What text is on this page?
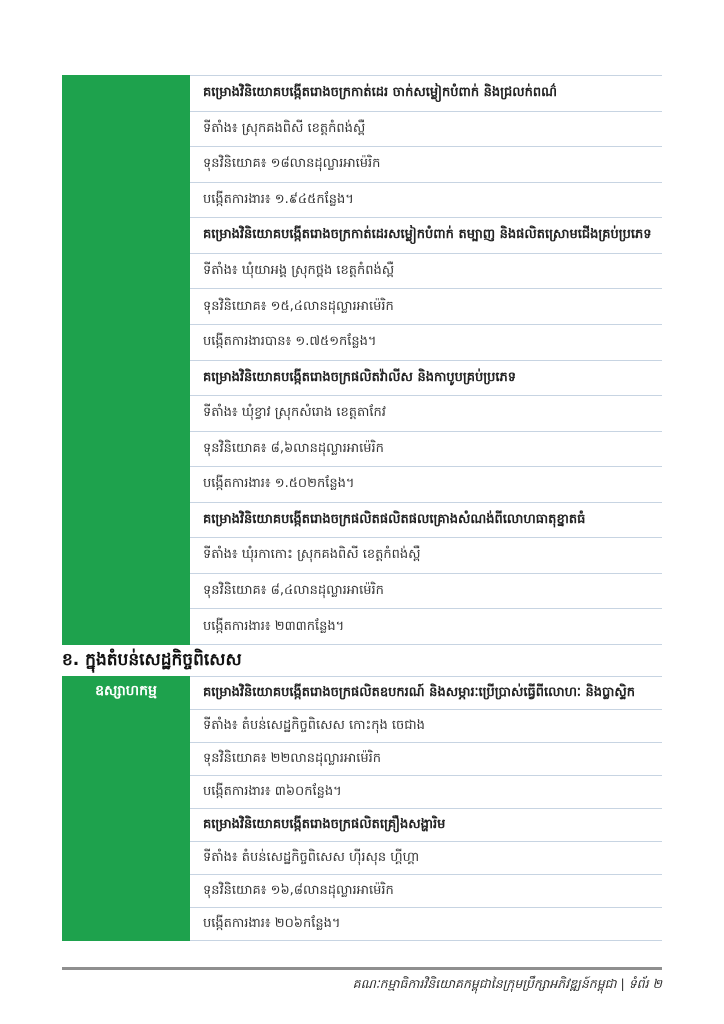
គម្រោងវិនិយោគបង្កើតរោងចក្រកាត់ដេរ ចាក់សម្លៀកបំពាក់ និងជ្រលក់ពណ៌
ទីតាំង៖ ស្រុកគងពិសី ខេត្តកំពង់ស្ពឺ
ទុនវិនិយោគ៖ ១៨លានដុល្លារអាម៉េរិក
បង្កើតការងារ៖ ១.៩៤៥កន្លែង។
គម្រោងវិនិយោគបង្កើតរោងចក្រកាត់ដេរសម្លៀកបំពាក់ តម្បាញ និងផលិតស្រោមជើងគ្រប់ប្រភេទ
ទីតាំង៖ ឃុំយាអង្គ ស្រុកថ្ពង ខេត្តកំពង់ស្ពឺ
ទុនវិនិយោគ៖ ១៥,៤លានដុល្លារអាម៉េរិក
បង្កើតការងារបាន៖ ១.៧៥១កន្លែង។
គម្រោងវិនិយោគបង្កើតរោងចក្រផលិតវ៉ាលីស និងកាបូបគ្រប់ប្រភេទ
ទីតាំង៖ ឃុំខ្វាវ ស្រុកសំរោង ខេត្តតាកែវ
ទុនវិនិយោគ៖ ៨,៦លានដុល្លារអាម៉េរិក
បង្កើតការងារ៖ ១.៥០២កន្លែង។
គម្រោងវិនិយោគបង្កើតរោងចក្រផលិតផលិតផលគ្រោងសំណង់ពីលោហធាតុខ្នាតធំ
ទីតាំង៖ ឃុំរកាកោះ ស្រុកគងពិសី ខេត្តកំពង់ស្ពឺ
ទុនវិនិយោគ៖ ៨,៤លានដុល្លារអាម៉េរិក
បង្កើតការងារ៖ ២៣៣កន្លែង។
ខ. ក្នុងតំបន់សេដ្ឋកិច្ចពិសេស
ឧស្សាហកម្ម	គម្រោងវិនិយោគបង្កើតរោងចក្រផលិតឧបករណ៍ និងសម្ភារៈប្រើប្រាស់ធ្វើពីលោហៈ និងប្លាស្ទិក
ទីតាំង៖ តំបន់សេដ្ឋកិច្ចពិសេស កោះកុង ចេជាង
ទុនវិនិយោគ៖ ២២លានដុល្លារអាម៉េរិក
បង្កើតការងារ៖ ៣៦០កន្លែង។
គម្រោងវិនិយោគបង្កើតរោងចក្រផលិតគ្រឿងសង្ហារិម
ទីតាំង៖ តំបន់សេដ្ឋកិច្ចពិសេស ហ៊ីរសុន ហ្គីហ្គា
ទុនវិនិយោគ៖ ១៦,៨លានដុល្លារអាម៉េរិក
បង្កើតការងារ៖ ២០៦កន្លែង។
គណៈកម្មាធិការវិនិយោគកម្ពុជានៃក្រុមប្រឹក្សាអភិវឌ្ឍន៍កម្ពុជា | ទំព័រ ២
